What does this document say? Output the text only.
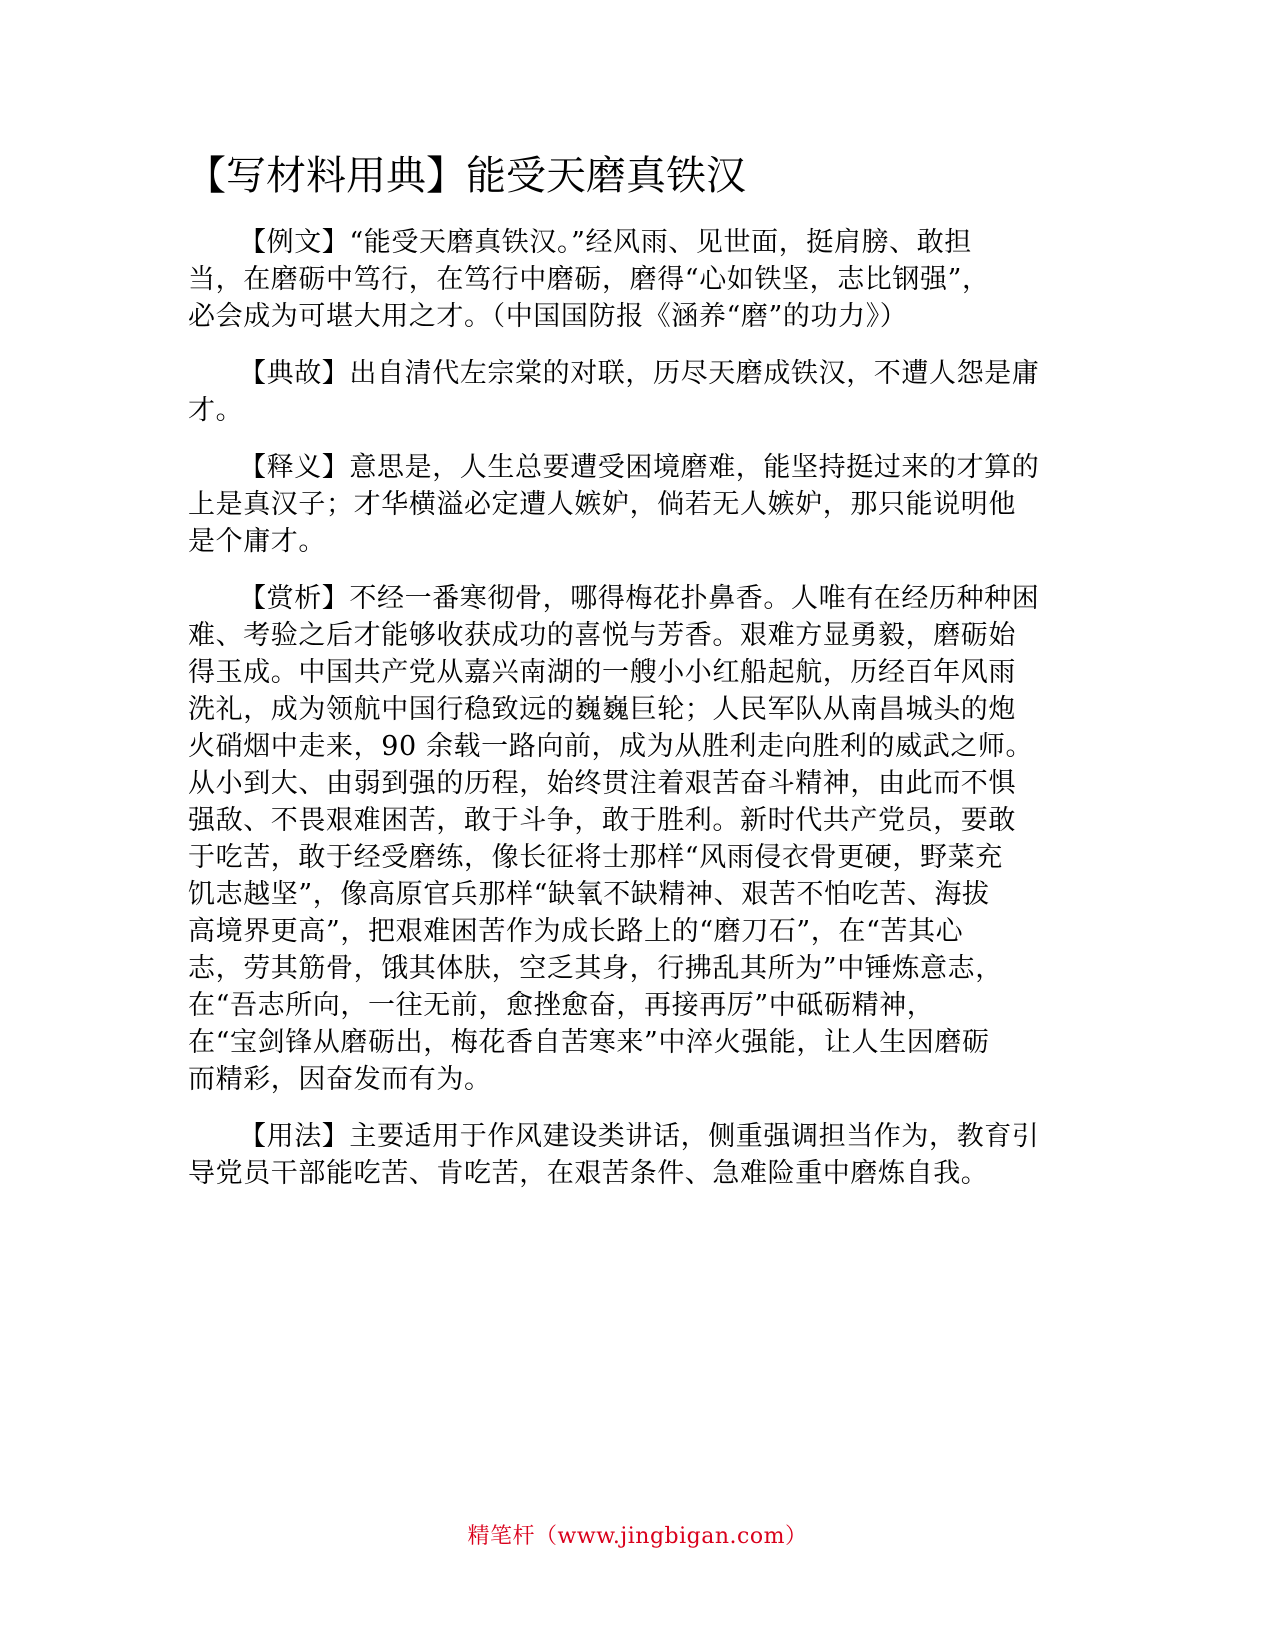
【写材料用典】能受天磨真铁汉
【例文】“能受天磨真铁汉。”经风雨、见世面，挺肩膀、敢担
当，在磨砺中笃行，在笃行中磨砺，磨得“心如铁坚，志比钢强”，
必会成为可堪大用之才。（中国国防报《涵养“磨”的功力》）
【典故】出自清代左宗棠的对联，历尽天磨成铁汉，不遭人怨是庸
才。
【释义】意思是，人生总要遭受困境磨难，能坚持挺过来的才算的
上是真汉子；才华横溢必定遭人嫉妒，倘若无人嫉妒，那只能说明他
是个庸才。
【赏析】不经一番寒彻骨，哪得梅花扑鼻香。人唯有在经历种种困
难、考验之后才能够收获成功的喜悦与芳香。艰难方显勇毅，磨砺始
得玉成。中国共产党从嘉兴南湖的一艘小小红船起航，历经百年风雨
洗礼，成为领航中国行稳致远的巍巍巨轮；人民军队从南昌城头的炮
火硝烟中走来，90 余载一路向前，成为从胜利走向胜利的威武之师。
从小到大、由弱到强的历程，始终贯注着艰苦奋斗精神，由此而不惧
强敌、不畏艰难困苦，敢于斗争，敢于胜利。新时代共产党员，要敢
于吃苦，敢于经受磨练，像长征将士那样“风雨侵衣骨更硬，野菜充
饥志越坚”，像高原官兵那样“缺氧不缺精神、艰苦不怕吃苦、海拔
高境界更高”，把艰难困苦作为成长路上的“磨刀石”，在“苦其心
志，劳其筋骨，饿其体肤，空乏其身，行拂乱其所为”中锤炼意志，
在“吾志所向，一往无前，愈挫愈奋，再接再厉”中砥砺精神，
在“宝剑锋从磨砺出，梅花香自苦寒来”中淬火强能，让人生因磨砺
而精彩，因奋发而有为。
【用法】主要适用于作风建设类讲话，侧重强调担当作为，教育引
导党员干部能吃苦、肯吃苦，在艰苦条件、急难险重中磨炼自我。
精笔杆（www.jingbigan.com）
